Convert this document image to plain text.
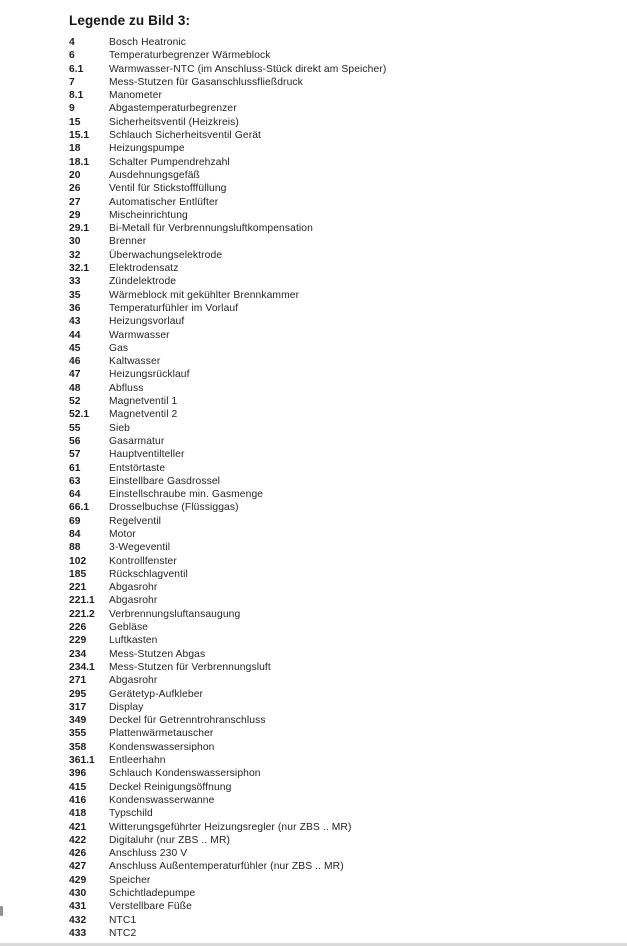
Legende zu Bild 3:
4	Bosch Heatronic
6	Temperaturbegrenzer Wärmeblock
6.1	Warmwasser-NTC (im Anschluss-Stück direkt am Speicher)
7	Mess-Stutzen für Gasanschlussfließdruck
8.1	Manometer
9	Abgastemperaturbegrenzer
15	Sicherheitsventil (Heizkreis)
15.1	Schlauch Sicherheitsventil Gerät
18	Heizungspumpe
18.1	Schalter Pumpendrehzahl
20	Ausdehnungsgefäß
26	Ventil für Stickstofffüllung
27	Automatischer Entlüfter
29	Mischeinrichtung
29.1	Bi-Metall für Verbrennungsluftkompensation
30	Brenner
32	Überwachungselektrode
32.1	Elektrodensatz
33	Zündelektrode
35	Wärmeblock mit gekühlter Brennkammer
36	Temperaturfühler im Vorlauf
43	Heizungsvorlauf
44	Warmwasser
45	Gas
46	Kaltwasser
47	Heizungsrücklauf
48	Abfluss
52	Magnetventil 1
52.1	Magnetventil 2
55	Sieb
56	Gasarmatur
57	Hauptventilteller
61	Entstörtaste
63	Einstellbare Gasdrossel
64	Einstellschraube min. Gasmenge
66.1	Drosselbuchse (Flüssiggas)
69	Regelventil
84	Motor
88	3-Wegeventil
102	Kontrollfenster
185	Rückschlagventil
221	Abgasrohr
221.1	Abgasrohr
221.2	Verbrennungsluftansaugung
226	Gebläse
229	Luftkasten
234	Mess-Stutzen Abgas
234.1	Mess-Stutzen für Verbrennungsluft
271	Abgasrohr
295	Gerätetyp-Aufkleber
317	Display
349	Deckel für Getrenntrohranschluss
355	Plattenwärmetauscher
358	Kondenswassersiphon
361.1	Entleerhahn
396	Schlauch Kondenswassersiphon
415	Deckel Reinigungsöffnung
416	Kondenswasserwanne
418	Typschild
421	Witterungsgeführter Heizungsregler (nur ZBS .. MR)
422	Digitaluhr (nur ZBS .. MR)
426	Anschluss 230 V
427	Anschluss Außentemperaturfühler (nur ZBS .. MR)
429	Speicher
430	Schichtladepumpe
431	Verstellbare Füße
432	NTC1
433	NTC2
